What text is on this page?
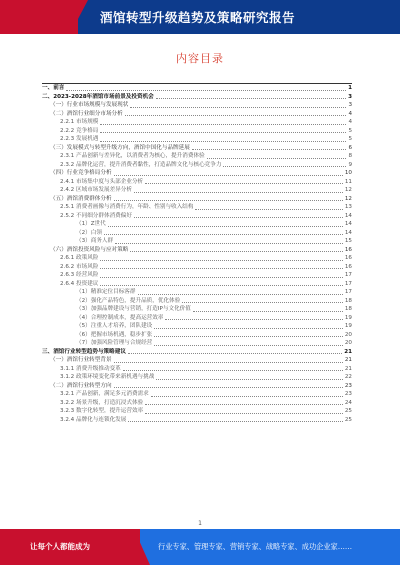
酒馆转型升级趋势及策略研究报告
内容目录
一、前言	1
二、2023-2028年酒馆市场前景及投资机会	3
（一）行业市场规模与发展现状	3
（二）酒馆行业细分市场分析	4
2.2.1 市场规模	4
2.2.2 竞争格局	5
2.2.3 发展机遇	5
（三）发展模式与转型升级方向，酒馆中国化与品牌延展	6
2.3.1 产品创新与差异化，以消费者为核心，提升消费体验	8
2.3.2 品牌化运营，提升消费者黏性，打造品牌文化与核心竞争力	9
（四）行业竞争格局分析	10
2.4.1 市场集中度与头部企业分析	11
2.4.2 区域市场发展差异分析	12
（五）酒馆消费群体分析	12
2.5.1 消费者画像与消费行为，年龄、性别与收入结构	13
2.5.2 不同细分群体消费偏好	14
（1）Z世代	14
（2）白领	14
（3）商务人群	15
（六）酒馆投资风险与应对策略	16
2.6.1 政策风险	16
2.6.2 市场风险	16
2.6.3 经营风险	17
2.6.4 投资建议	17
（1）精准定位目标客群	17
（2）强化产品特色，提升品质，优化体验	18
（3）加强品牌建设与营销，打造IP与文化价值	18
（4）合理控制成本，提高运营效率	19
（5）注重人才培养，团队建设	19
（6）把握市场机遇，稳步扩张	20
（7）加强风险管理与合规经营	20
三、酒馆行业转型趋势与策略建议	21
（一）酒馆行业转型背景	21
3.1.1 消费升级推动变革	21
3.1.2 政策环境变化带来新机遇与挑战	22
（二）酒馆行业转型方向	23
3.2.1 产品创新，满足多元消费需求	23
3.2.2 场景升级，打造沉浸式体验	24
3.2.3 数字化转型，提升运营效率	25
3.2.4 品牌化与连锁化发展	25
1
让每个人都能成为	行业专家、管理专家、营销专家、战略专家、成功企业家……
